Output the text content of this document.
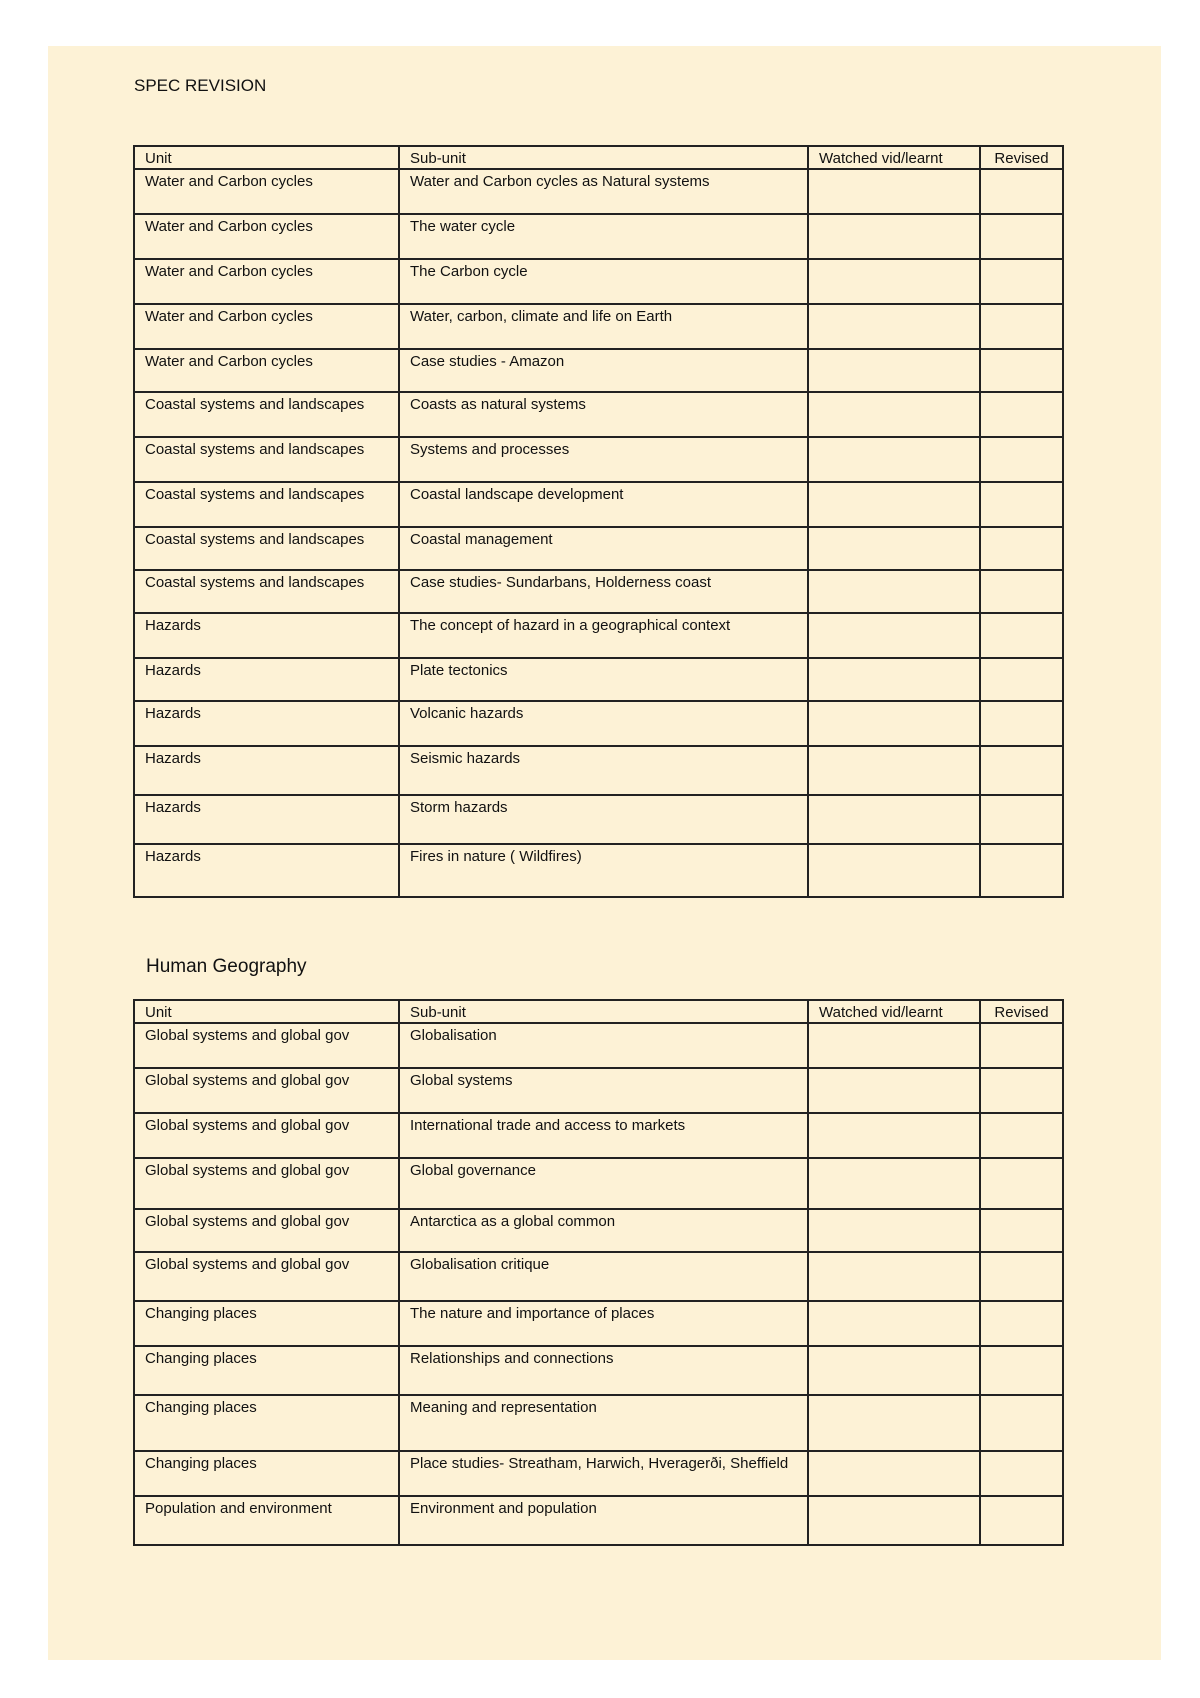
SPEC REVISION
Unit	Sub-unit	Watched vid/learnt	Revised
Water and Carbon cycles	Water and Carbon cycles as Natural systems		
Water and Carbon cycles	The water cycle		
Water and Carbon cycles	The Carbon cycle		
Water and Carbon cycles	Water, carbon, climate and life on Earth		
Water and Carbon cycles	Case studies - Amazon		
Coastal systems and landscapes	Coasts as natural systems		
Coastal systems and landscapes	Systems and processes		
Coastal systems and landscapes	Coastal landscape development		
Coastal systems and landscapes	Coastal management		
Coastal systems and landscapes	Case studies- Sundarbans, Holderness coast		
Hazards	The concept of hazard in a geographical context		
Hazards	Plate tectonics		
Hazards	Volcanic hazards		
Hazards	Seismic hazards		
Hazards	Storm hazards		
Hazards	Fires in nature ( Wildfires)		
Human Geography
Unit	Sub-unit	Watched vid/learnt	Revised
Global systems and global gov	Globalisation		
Global systems and global gov	Global systems		
Global systems and global gov	International trade and access to markets		
Global systems and global gov	Global governance		
Global systems and global gov	Antarctica as a global common		
Global systems and global gov	Globalisation critique		
Changing places	The nature and importance of places		
Changing places	Relationships and connections		
Changing places	Meaning and representation		
Changing places	Place studies- Streatham, Harwich, Hveragerði, Sheffield		
Population and environment	Environment and population		
